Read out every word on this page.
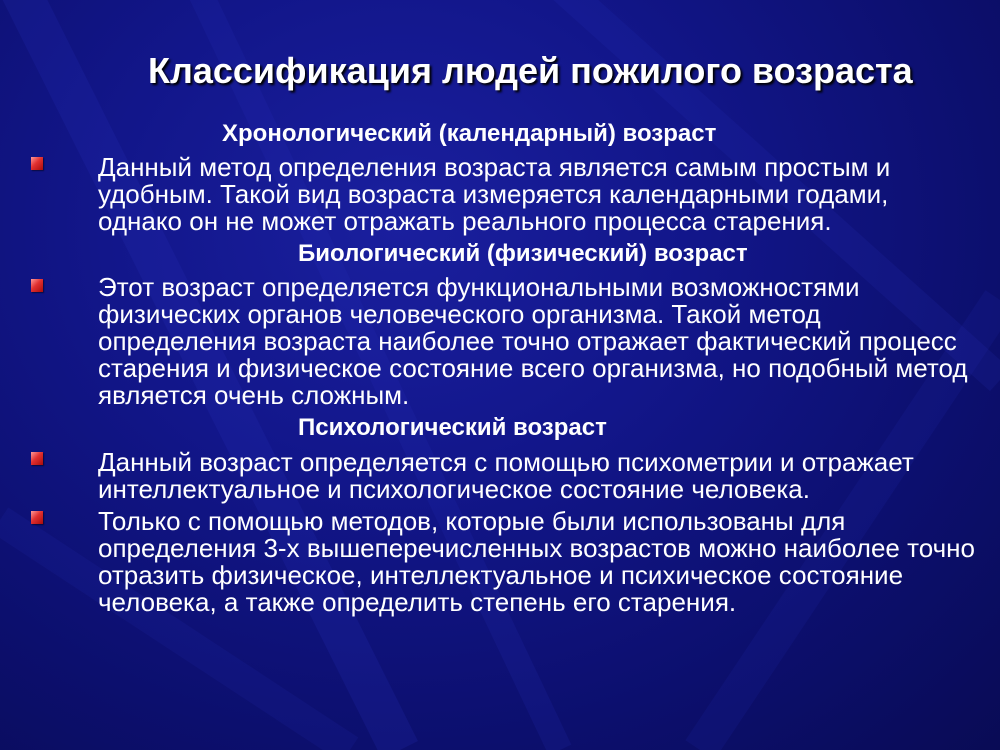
Классификация людей пожилого возраста
Хронологический (календарный) возраст

Данный метод определения возраста является самым простым и удобным. Такой вид возраста измеряется календарными годами, однако он не может отражать реального процесса старения.

Биологический (физический) возраст

Этот возраст определяется функциональными возможностями физических органов человеческого организма. Такой метод определения возраста наиболее точно отражает фактический процесс старения и физическое состояние всего организма, но подобный метод является очень сложным.

Психологический возраст

Данный возраст определяется с помощью психометрии и отражает интеллектуальное и психологическое состояние человека.

Только с помощью методов, которые были использованы для определения 3-х вышеперечисленных возрастов можно наиболее точно отразить физическое, интеллектуальное и психическое состояние человека, а также определить степень его старения.
